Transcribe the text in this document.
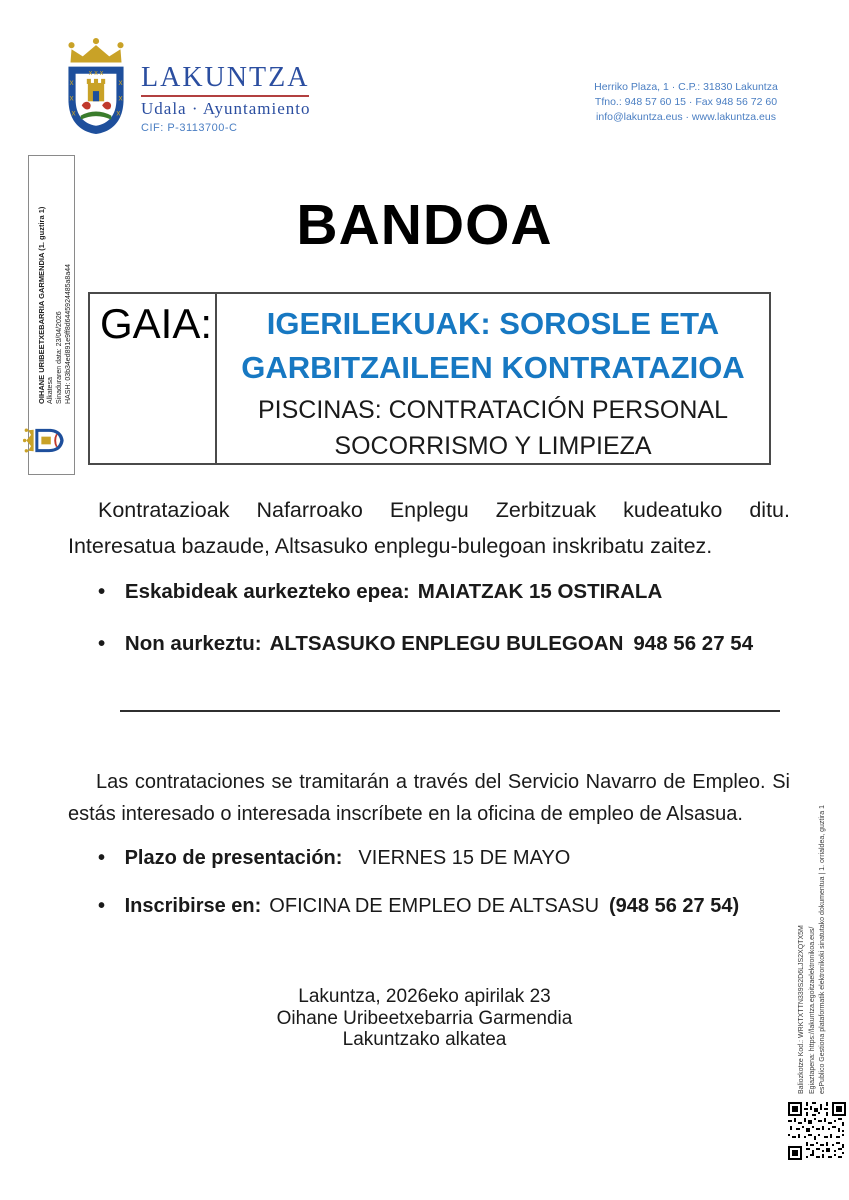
x
x
x
x
x
x
x x x LAKUNTZA
Udala · Ayuntamiento
CIF: P-3113700-C
Herriko Plaza, 1 · C.P.: 31830 Lakuntza
Tfno.: 948 57 60 15 · Fax 948 56 72 60
info@lakuntza.eus · www.lakuntza.eus
OIHANE URIBEETXEBARRIA GARMENDIA (1. guztira 1) Alkatesa Sinaduraren data: 23/04/2026 HASH: 03b34ed891e9ff8d6445924485a8a44
BANDOA
GAIA:	IGERILEKUAK: SOROSLE ETA GARBITZAILEEN KONTRATAZIOA
PISCINAS: CONTRATACIÓN PERSONAL SOCORRISMO Y LIMPIEZA
Kontratazioak Nafarroako Enplegu Zerbitzuak kudeatuko ditu. Interesatua bazaude, Altsasuko enplegu-bulegoan inskribatu zaitez.
• Eskabideak aurkezteko epea: MAIATZAK 15 OSTIRALA
• Non aurkeztu: ALTSASUKO ENPLEGU BULEGOAN 948 56 27 54
Las contrataciones se tramitarán a través del Servicio Navarro de Empleo. Si estás interesado o interesada inscríbete en la oficina de empleo de Alsasua.
• Plazo de presentación: VIERNES 15 DE MAYO
• Inscribirse en: OFICINA DE EMPLEO DE ALTSASU (948 56 27 54)
Lakuntza, 2026eko apirilak 23
Oihane Uribeetxebarria Garmendia
Lakuntzako alkatea	Baliozkotze Kod.: WRKTXTTN339S2D6LJS2XQTX5M Egiaztapena: https://lakuntza.egoitzaelektronikoa.eus/ esPublico Gestiona plataformatik elektronikoki sinatutako dokumentua | 1. orrialdea, guztira 1
